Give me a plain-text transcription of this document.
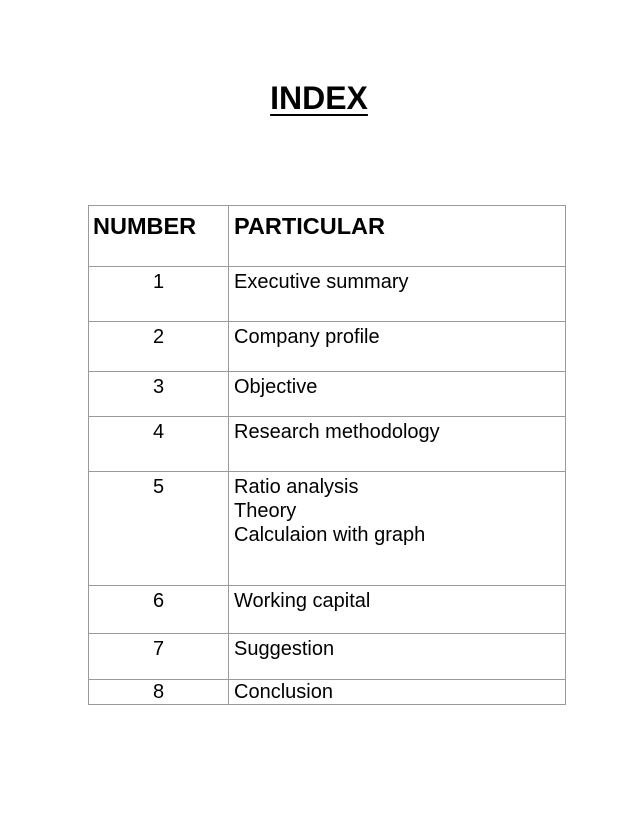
INDEX
NUMBER	PARTICULAR
1	Executive summary

2	Company profile

3	Objective

4	Research methodology

5	Ratio analysis
Theory
Calculaion with graph

6	Working capital

7	Suggestion

8	Conclusion
